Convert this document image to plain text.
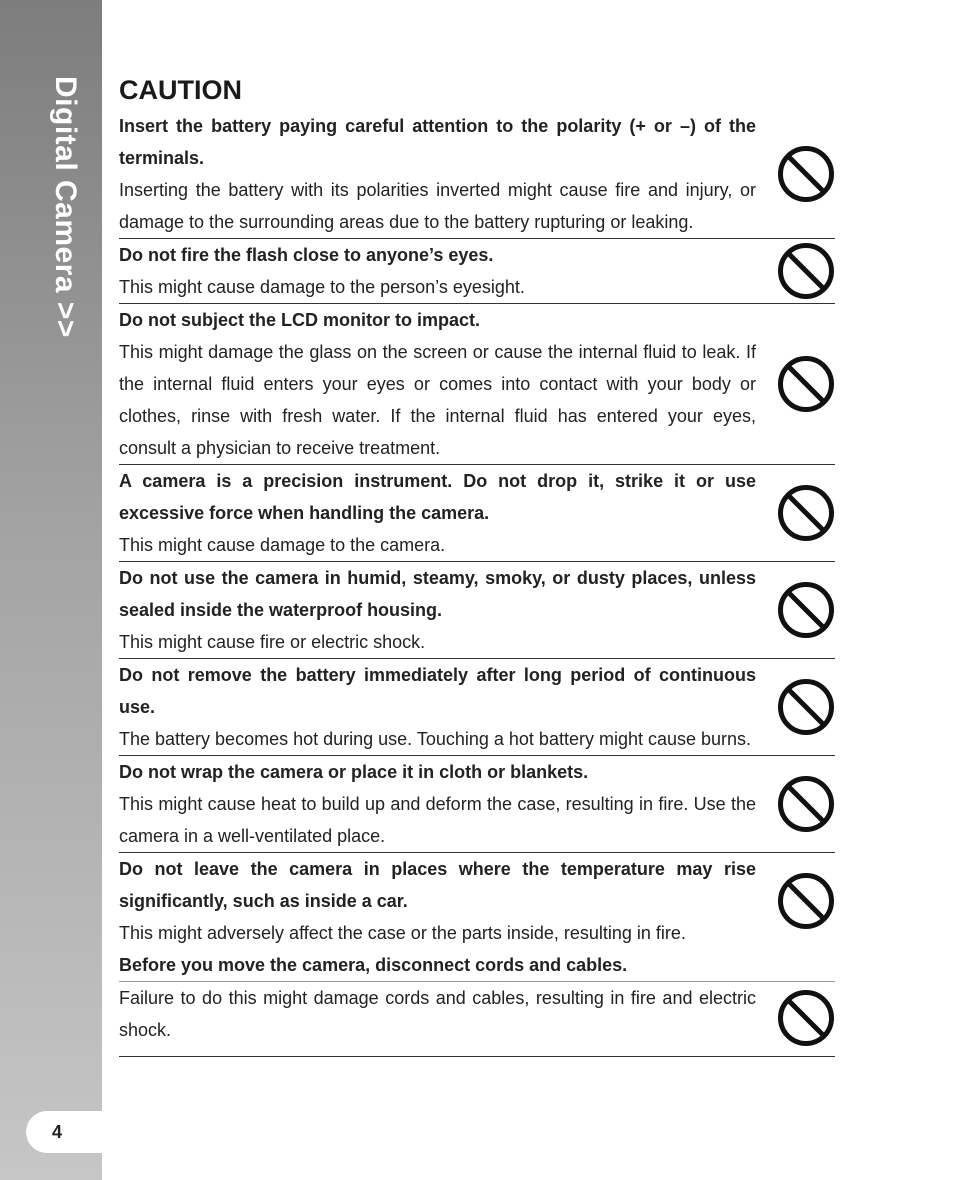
Digital Camera >>
4
CAUTION
Insert the battery paying careful attention to the polarity (+ or –) of the terminals.
Inserting the battery with its polarities inverted might cause fire and injury, or damage to the surrounding areas due to the battery rupturing or leaking.
Do not fire the flash close to anyone’s eyes.
This might cause damage to the person’s eyesight.
Do not subject the LCD monitor to impact.
This might damage the glass on the screen or cause the internal fluid to leak. If the internal fluid enters your eyes or comes into contact with your body or clothes, rinse with fresh water. If the internal fluid has entered your eyes, consult a physician to receive treatment.
A camera is a precision instrument. Do not drop it, strike it or use excessive force when handling the camera.
This might cause damage to the camera.
Do not use the camera in humid, steamy, smoky, or dusty places, unless sealed inside the waterproof housing.
This might cause fire or electric shock.
Do not remove the battery immediately after long period of continuous use.
The battery becomes hot during use. Touching a hot battery might cause burns.
Do not wrap the camera or place it in cloth or blankets.
This might cause heat to build up and deform the case, resulting in fire. Use the camera in a well-ventilated place.
Do not leave the camera in places where the temperature may rise significantly, such as inside a car.
This might adversely affect the case or the parts inside, resulting in fire.
Before you move the camera, disconnect cords and cables.
Failure to do this might damage cords and cables, resulting in fire and electric shock.
